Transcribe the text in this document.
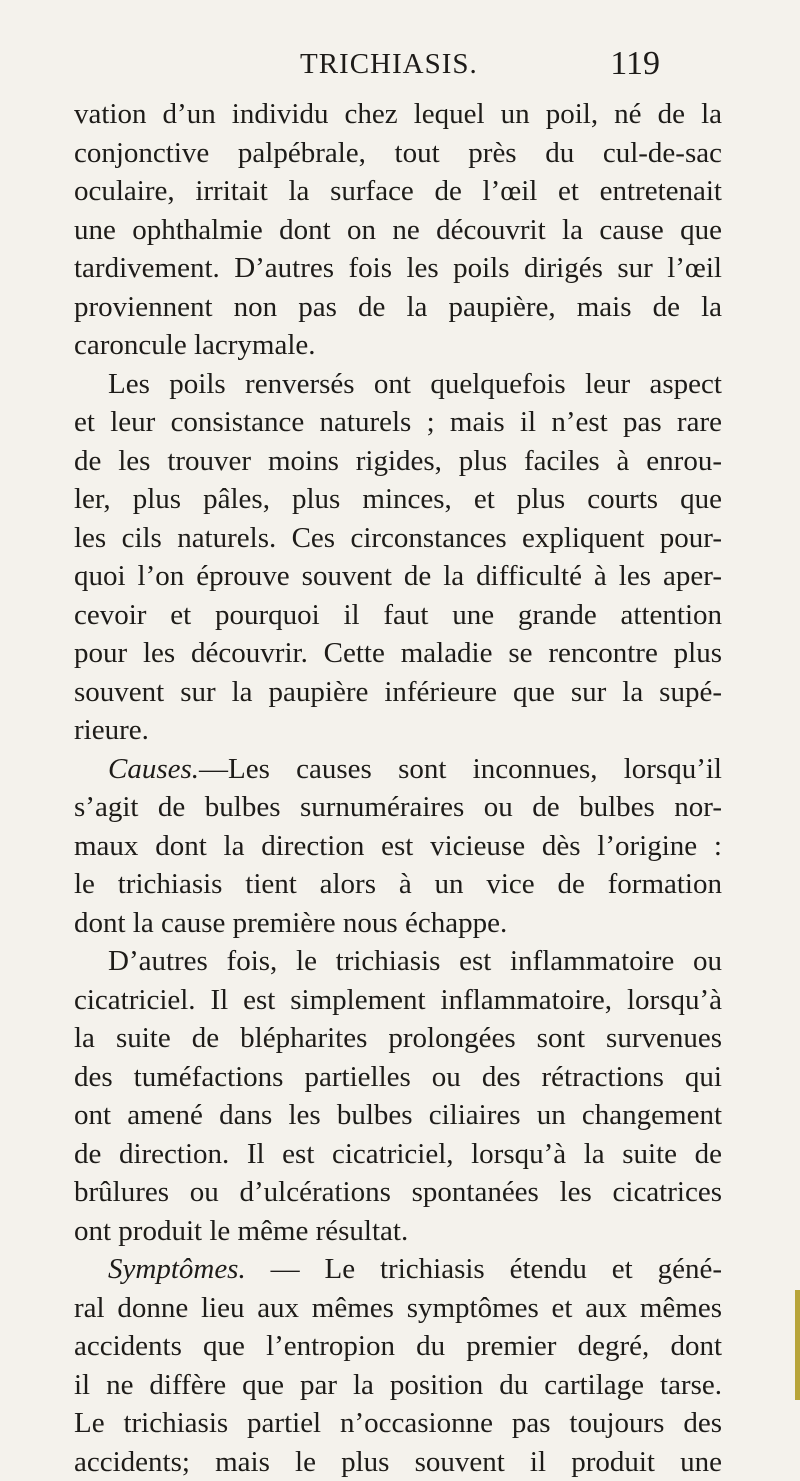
TRICHIASIS.	119
vation d’un individu chez lequel un poil, né de la
conjonctive palpébrale, tout près du cul-de-sac
oculaire, irritait la surface de l’œil et entretenait
une ophthalmie dont on ne découvrit la cause que
tardivement. D’autres fois les poils dirigés sur l’œil
proviennent non pas de la paupière, mais de la
caroncule lacrymale.
Les poils renversés ont quelquefois leur aspect
et leur consistance naturels ; mais il n’est pas rare
de les trouver moins rigides, plus faciles à enrou-
ler, plus pâles, plus minces, et plus courts que
les cils naturels. Ces circonstances expliquent pour-
quoi l’on éprouve souvent de la difficulté à les aper-
cevoir et pourquoi il faut une grande attention
pour les découvrir. Cette maladie se rencontre plus
souvent sur la paupière inférieure que sur la supé-
rieure.
Causes.—Les causes sont inconnues, lorsqu’il
s’agit de bulbes surnuméraires ou de bulbes nor-
maux dont la direction est vicieuse dès l’origine :
le trichiasis tient alors à un vice de formation
dont la cause première nous échappe.
D’autres fois, le trichiasis est inflammatoire ou
cicatriciel. Il est simplement inflammatoire, lorsqu’à
la suite de blépharites prolongées sont survenues
des tuméfactions partielles ou des rétractions qui
ont amené dans les bulbes ciliaires un changement
de direction. Il est cicatriciel, lorsqu’à la suite de
brûlures ou d’ulcérations spontanées les cicatrices
ont produit le même résultat.
Symptômes. — Le trichiasis étendu et géné-
ral donne lieu aux mêmes symptômes et aux mêmes
accidents que l’entropion du premier degré, dont
il ne diffère que par la position du cartilage tarse.
Le trichiasis partiel n’occasionne pas toujours des
accidents; mais le plus souvent il produit une
